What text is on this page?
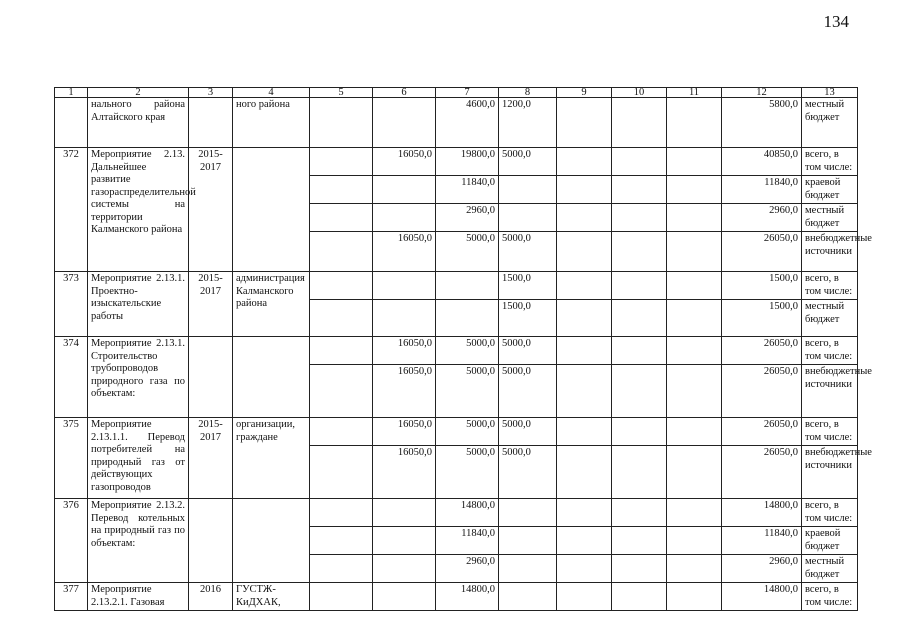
134
1	2	3	4	5	6	7	8	9	10	11	12	13
	нального района Алтайского края		ного района			4600,0	1200,0				5800,0	местный бюджет
372	Мероприятие 2.13. Дальнейшее развитие газораспределительной системы на территории Калманского района	2015-2017			16050,0	19800,0	5000,0				40850,0	всего, в том числе:
						11840,0					11840,0	краевой бюджет
						2960,0					2960,0	местный бюджет
					16050,0	5000,0	5000,0				26050,0	внебюджетные источники
373	Мероприятие 2.13.1. Проектно-изыскательские работы	2015-2017	администрация Калманского района				1500,0				1500,0	всего, в том числе:
							1500,0				1500,0	местный бюджет
374	Мероприятие 2.13.1. Строительство трубопроводов природного газа по объектам:				16050,0	5000,0	5000,0				26050,0	всего, в том числе:
					16050,0	5000,0	5000,0				26050,0	внебюджетные источники
375	Мероприятие 2.13.1.1. Перевод потребителей на природный газ от действующих газопроводов	2015-2017	организации, граждане		16050,0	5000,0	5000,0				26050,0	всего, в том числе:
					16050,0	5000,0	5000,0				26050,0	внебюджетные источники
376	Мероприятие 2.13.2. Перевод котельных на природный газ по объектам:					14800,0					14800,0	всего, в том числе:
						11840,0					11840,0	краевой бюджет
						2960,0					2960,0	местный бюджет
377	Мероприятие 2.13.2.1. Газовая	2016	ГУСТЖ-КиДХАК,			14800,0					14800,0	всего, в том числе:
